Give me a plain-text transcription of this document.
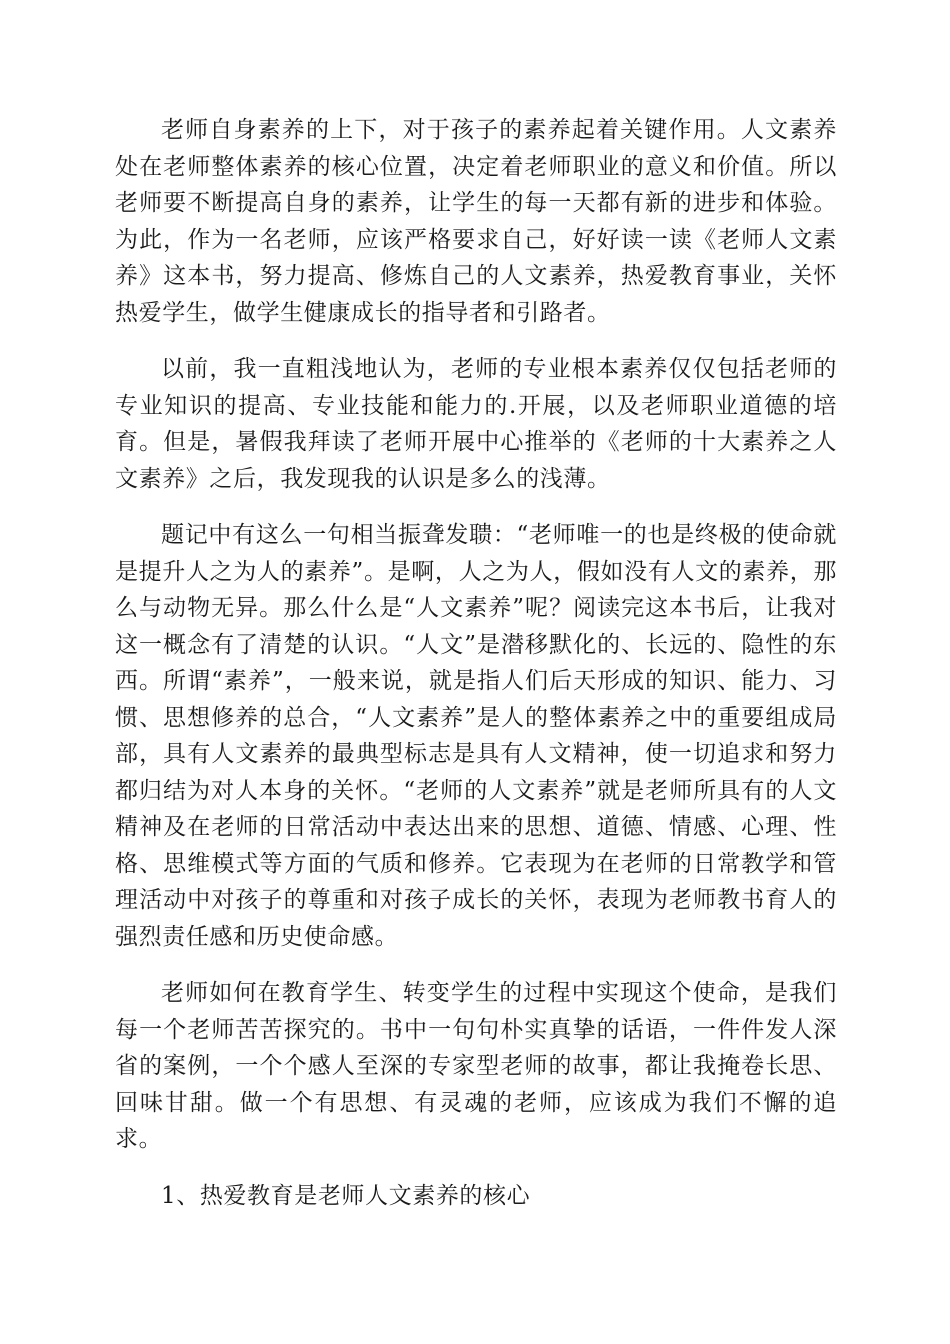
老师自身素养的上下，对于孩子的素养起着关键作用。人文素养处在老师整体素养的核心位置，决定着老师职业的意义和价值。所以老师要不断提高自身的素养，让学生的每一天都有新的进步和体验。为此，作为一名老师，应该严格要求自己，好好读一读《老师人文素养》这本书，努力提高、修炼自己的人文素养，热爱教育事业，关怀热爱学生，做学生健康成长的指导者和引路者。

以前，我一直粗浅地认为，老师的专业根本素养仅仅包括老师的专业知识的提高、专业技能和能力的.开展，以及老师职业道德的培育。但是，暑假我拜读了老师开展中心推举的《老师的十大素养之人文素养》之后，我发现我的认识是多么的浅薄。

题记中有这么一句相当振聋发聩：“老师唯一的也是终极的使命就是提升人之为人的素养”。是啊，人之为人，假如没有人文的素养，那么与动物无异。那么什么是“人文素养”呢？阅读完这本书后，让我对这一概念有了清楚的认识。“人文”是潜移默化的、长远的、隐性的东西。所谓“素养”，一般来说，就是指人们后天形成的知识、能力、习惯、思想修养的总合，“人文素养”是人的整体素养之中的重要组成局部，具有人文素养的最典型标志是具有人文精神，使一切追求和努力都归结为对人本身的关怀。“老师的人文素养”就是老师所具有的人文精神及在老师的日常活动中表达出来的思想、道德、情感、心理、性格、思维模式等方面的气质和修养。它表现为在老师的日常教学和管理活动中对孩子的尊重和对孩子成长的关怀，表现为老师教书育人的强烈责任感和历史使命感。

老师如何在教育学生、转变学生的过程中实现这个使命，是我们每一个老师苦苦探究的。书中一句句朴实真挚的话语，一件件发人深省的案例，一个个感人至深的专家型老师的故事，都让我掩卷长思、回味甘甜。做一个有思想、有灵魂的老师，应该成为我们不懈的追求。

1、热爱教育是老师人文素养的核心
